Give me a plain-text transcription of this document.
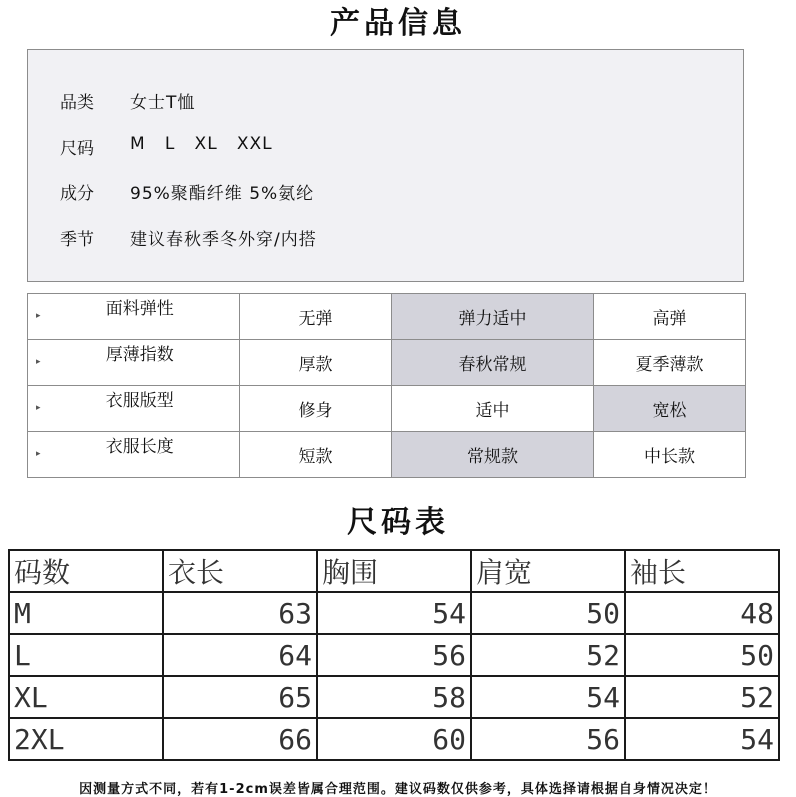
产品信息
品类	女士T恤
尺码	M   L   XL   XXL
成分	95%聚酯纤维 5%氨纶
季节	建议春秋季冬外穿/内搭
▸ 面料弹性	无弹	弹力适中	高弹

▸ 厚薄指数	厚款	春秋常规	夏季薄款

▸ 衣服版型	修身	适中	宽松

▸ 衣服长度	短款	常规款	中长款
尺码表
码数	衣长	胸围	肩宽	袖长
M	63	54	50	48
L	64	56	52	50
XL	65	58	54	52
2XL	66	60	56	54
因测量方式不同，若有1-2cm误差皆属合理范围。建议码数仅供参考，具体选择请根据自身情况决定！
